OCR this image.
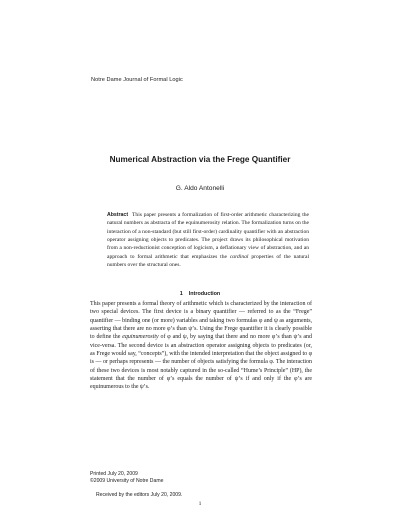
Notre Dame Journal of Formal Logic
Numerical Abstraction via the Frege Quantifier
G. Aldo Antonelli

Abstract This paper presents a formalization of first-order arithmetic characterizing the natural numbers as abstracta of the equinumerosity relation. The formalization turns on the interaction of a non-standard (but still first-order) cardinality quantifier with an abstraction operator assigning objects to predicates. The project draws its philosophical motivation from a non-reductionist conception of logicism, a deflationary view of abstraction, and an approach to formal arithmetic that emphasizes the cardinal properties of the natural numbers over the structural ones.

1 Introduction

This paper presents a formal theory of arithmetic which is characterized by the interaction of two special devices. The first device is a binary quantifier — referred to as the “Frege” quantifier — binding one (or more) variables and taking two formulas φ and ψ as arguments, asserting that there are no more φ’s than ψ’s. Using the Frege quantifier it is clearly possible to define the equinumerosity of φ and ψ, by saying that there and no more φ’s than ψ’s and vice-versa. The second device is an abstraction operator assigning objects to predicates (or, as Frege would say, “concepts”), with the intended interpretation that the object assigned to φ is — or perhaps represents — the number of objects satisfying the formula φ. The interaction of these two devices is most notably captured in the so-called “Hume’s Principle” (HP), the statement that the number of φ’s equals the number of ψ’s if and only if the φ’s are equinumerous to the ψ’s.

Printed July 20, 2009
©2009 University of Notre Dame
Received by the editors July 20, 2009.
1
